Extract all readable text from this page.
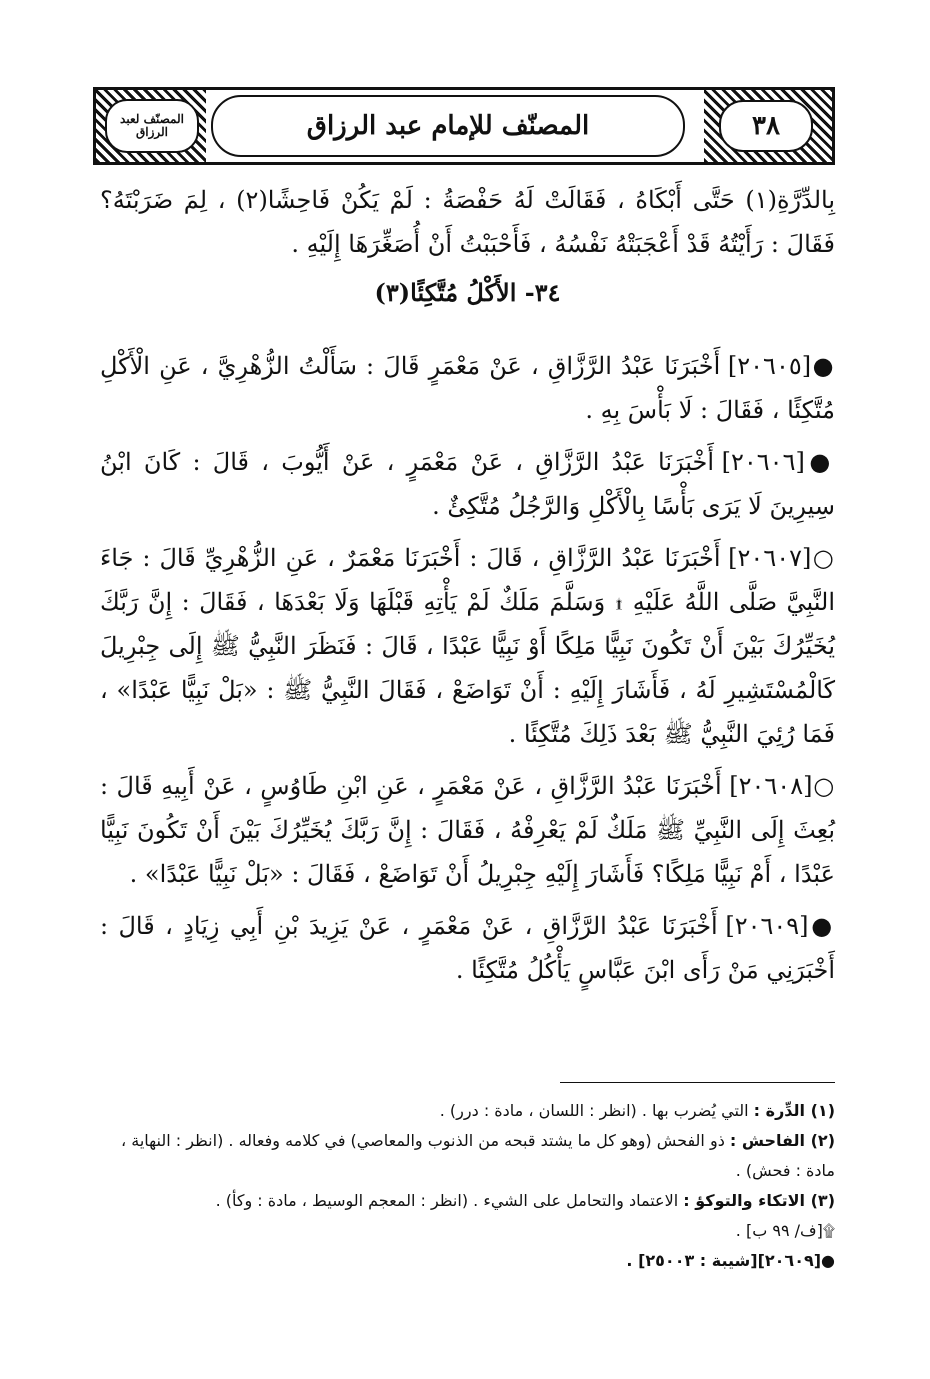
المصنّف لعبد الرزاق	المصنّف للإمام عبد الرزاق	٣٨

بِالدِّرَّةِ(١) حَتَّى أَبْكَاهُ ، فَقَالَتْ لَهُ حَفْصَةُ : لَمْ يَكُنْ فَاحِشًا(٢) ، لِمَ ضَرَبْتَهُ؟ فَقَالَ : رَأَيْتُهُ قَدْ أَعْجَبَتْهُ نَفْسُهُ ، فَأَحْبَبْتُ أَنْ أُصَغِّرَهَا إِلَيْهِ .

٣٤- الأَكْلُ مُتَّكِئًا(٣)

●[٢٠٦٠٥] أَخْبَرَنَا عَبْدُ الرَّزَّاقِ ، عَنْ مَعْمَرٍ قَالَ : سَأَلْتُ الزُّهْرِيَّ ، عَنِ الْأَكْلِ مُتَّكِئًا ، فَقَالَ : لَا بَأْسَ بِهِ .

●[٢٠٦٠٦] أَخْبَرَنَا عَبْدُ الرَّزَّاقِ ، عَنْ مَعْمَرٍ ، عَنْ أَيُّوبَ ، قَالَ : كَانَ ابْنُ سِيرِينَ لَا يَرَى بَأْسًا بِالْأَكْلِ وَالرَّجُلُ مُتَّكِئٌ .

○[٢٠٦٠٧] أَخْبَرَنَا عَبْدُ الرَّزَّاقِ ، قَالَ : أَخْبَرَنَا مَعْمَرٌ ، عَنِ الزُّهْرِيِّ قَالَ : جَاءَ النَّبِيَّ صَلَّى اللَّهُ عَلَيْهِ ۩ وَسَلَّمَ مَلَكٌ لَمْ يَأْتِهِ قَبْلَهَا وَلَا بَعْدَهَا ، فَقَالَ : إِنَّ رَبَّكَ يُخَيِّرُكَ بَيْنَ أَنْ تَكُونَ نَبِيًّا مَلِكًا أَوْ نَبِيًّا عَبْدًا ، قَالَ : فَنَظَرَ النَّبِيُّ ﷺ إِلَى جِبْرِيلَ كَالْمُسْتَشِيرِ لَهُ ، فَأَشَارَ إِلَيْهِ : أَنْ تَوَاضَعْ ، فَقَالَ النَّبِيُّ ﷺ : «بَلْ نَبِيًّا عَبْدًا» ، فَمَا رُئِيَ النَّبِيُّ ﷺ بَعْدَ ذَلِكَ مُتَّكِئًا .

○[٢٠٦٠٨] أَخْبَرَنَا عَبْدُ الرَّزَّاقِ ، عَنْ مَعْمَرٍ ، عَنِ ابْنِ طَاوُسٍ ، عَنْ أَبِيهِ قَالَ : بُعِثَ إِلَى النَّبِيِّ ﷺ مَلَكٌ لَمْ يَعْرِفْهُ ، فَقَالَ : إِنَّ رَبَّكَ يُخَيِّرُكَ بَيْنَ أَنْ تَكُونَ نَبِيًّا عَبْدًا ، أَمْ نَبِيًّا مَلِكًا؟ فَأَشَارَ إِلَيْهِ جِبْرِيلُ أَنْ تَوَاضَعْ ، فَقَالَ : «بَلْ نَبِيًّا عَبْدًا» .

●[٢٠٦٠٩] أَخْبَرَنَا عَبْدُ الرَّزَّاقِ ، عَنْ مَعْمَرٍ ، عَنْ يَزِيدَ بْنِ أَبِي زِيَادٍ ، قَالَ : أَخْبَرَنِي مَنْ رَأَى ابْنَ عَبَّاسٍ يَأْكُلُ مُتَّكِئًا .

(١) الدِّرة : التي يُضرب بها . (انظر : اللسان ، مادة : درر) .

(٢) الفاحش : ذو الفحش (وهو كل ما يشتد قبحه من الذنوب والمعاصي) في كلامه وفعاله . (انظر : النهاية ، مادة : فحش) .

(٣) الاتكاء والتوكؤ : الاعتماد والتحامل على الشيء . (انظر : المعجم الوسيط ، مادة : وكأ) .

۩[ف/ ٩٩ ب] .

●[٢٠٦٠٩][شيبة : ٢٥٠٠٣] .
